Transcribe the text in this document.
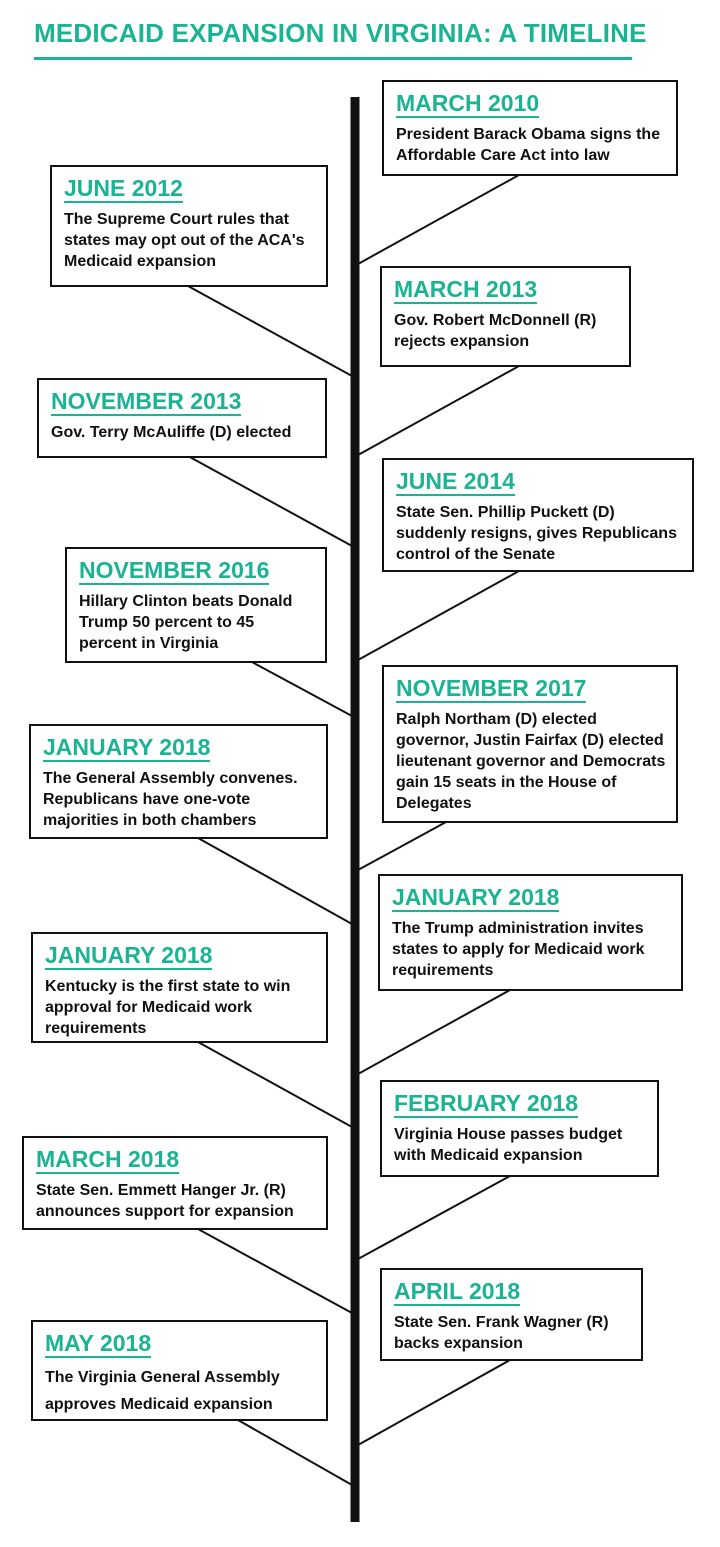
MEDICAID EXPANSION IN VIRGINIA: A TIMELINE
MARCH 2010
President Barack Obama signs the Affordable Care Act into law
JUNE 2012
The Supreme Court rules that states may opt out of the ACA's Medicaid expansion
MARCH 2013
Gov. Robert McDonnell (R) rejects expansion
NOVEMBER 2013
Gov. Terry McAuliffe (D) elected
JUNE 2014
State Sen. Phillip Puckett (D) suddenly resigns, gives Republicans control of the Senate
NOVEMBER 2016
Hillary Clinton beats Donald Trump 50 percent to 45 percent in Virginia
NOVEMBER 2017
Ralph Northam (D) elected governor, Justin Fairfax (D) elected lieutenant governor and Democrats gain 15 seats in the House of Delegates
JANUARY 2018
The General Assembly convenes. Republicans have one-vote majorities in both chambers
JANUARY 2018
The Trump administration invites states to apply for Medicaid work requirements
JANUARY 2018
Kentucky is the first state to win approval for Medicaid work requirements
FEBRUARY 2018
Virginia House passes budget with Medicaid expansion
MARCH 2018
State Sen. Emmett Hanger Jr. (R) announces support for expansion
APRIL 2018
State Sen. Frank Wagner (R) backs expansion
MAY 2018
The Virginia General Assembly approves Medicaid expansion
